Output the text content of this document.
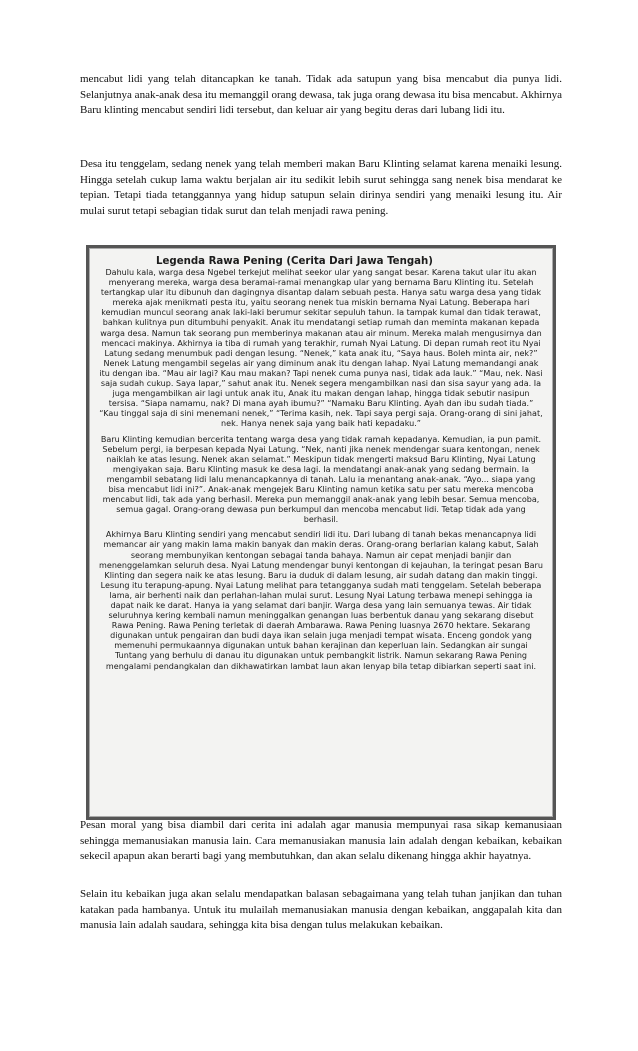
mencabut lidi yang telah ditancapkan ke tanah. Tidak ada satupun yang bisa mencabut dia punya lidi. Selanjutnya anak-anak desa itu memanggil orang dewasa, tak juga orang dewasa itu bisa mencabut. Akhirnya Baru klinting mencabut sendiri lidi tersebut, dan keluar air yang begitu deras dari lubang lidi itu.

Desa itu tenggelam, sedang nenek yang telah memberi makan Baru Klinting selamat karena menaiki lesung. Hingga setelah cukup lama waktu berjalan air itu sedikit lebih surut sehingga sang nenek bisa mendarat ke tepian. Tetapi tiada tetanggannya yang hidup satupun selain dirinya sendiri yang menaiki lesung itu. Air mulai surut tetapi sebagian tidak surut dan telah menjadi rawa pening.

Legenda Rawa Pening (Cerita Dari Jawa Tengah)

Dahulu kala, warga desa Ngebel terkejut melihat seekor ular yang sangat besar. Karena takut ular itu akan menyerang mereka, warga desa beramai-ramai menangkap ular yang bernama Baru Klinting itu. Setelah tertangkap ular itu dibunuh dan dagingnya disantap dalam sebuah pesta. Hanya satu warga desa yang tidak mereka ajak menikmati pesta itu, yaitu seorang nenek tua miskin bernama Nyai Latung. Beberapa hari kemudian muncul seorang anak laki-laki berumur sekitar sepuluh tahun. Ia tampak kumal dan tidak terawat, bahkan kulitnya pun ditumbuhi penyakit. Anak itu mendatangi setiap rumah dan meminta makanan kepada warga desa. Namun tak seorang pun memberinya makanan atau air minum. Mereka malah mengusirnya dan mencaci makinya. Akhirnya ia tiba di rumah yang terakhir, rumah Nyai Latung. Di depan rumah reot itu Nyai Latung sedang menumbuk padi dengan lesung. “Nenek,” kata anak itu, “Saya haus. Boleh minta air, nek?” Nenek Latung mengambil segelas air yang diminum anak itu dengan lahap. Nyai Latung memandangi anak itu dengan iba. “Mau air lagi? Kau mau makan? Tapi nenek cuma punya nasi, tidak ada lauk.” “Mau, nek. Nasi saja sudah cukup. Saya lapar,” sahut anak itu. Nenek segera mengambilkan nasi dan sisa sayur yang ada. Ia juga mengambilkan air lagi untuk anak itu, Anak itu makan dengan lahap, hingga tidak sebutir nasipun tersisa. “Siapa namamu, nak? Di mana ayah ibumu?” “Namaku Baru Klinting. Ayah dan ibu sudah tiada.” “Kau tinggal saja di sini menemani nenek,” “Terima kasih, nek. Tapi saya pergi saja. Orang-orang di sini jahat, nek. Hanya nenek saja yang baik hati kepadaku.”

Baru Klinting kemudian bercerita tentang warga desa yang tidak ramah kepadanya. Kemudian, ia pun pamit. Sebelum pergi, ia berpesan kepada Nyai Latung. “Nek, nanti jika nenek mendengar suara kentongan, nenek naiklah ke atas lesung. Nenek akan selamat.” Meskipun tidak mengerti maksud Baru Klinting, Nyai Latung mengiyakan saja. Baru Klinting masuk ke desa lagi. Ia mendatangi anak-anak yang sedang bermain. Ia mengambil sebatang lidi lalu menancapkannya di tanah. Lalu ia menantang anak-anak. “Ayo... siapa yang bisa mencabut lidi ini?”. Anak-anak mengejek Baru Klinting namun ketika satu per satu mereka mencoba mencabut lidi, tak ada yang berhasil. Mereka pun memanggil anak-anak yang lebih besar. Semua mencoba, semua gagal. Orang-orang dewasa pun berkumpul dan mencoba mencabut lidi. Tetap tidak ada yang berhasil.

Akhirnya Baru Klinting sendiri yang mencabut sendiri lidi itu. Dari lubang di tanah bekas menancapnya lidi memancar air yang makin lama makin banyak dan makin deras. Orang-orang berlarian kalang kabut, Salah seorang membunyikan kentongan sebagai tanda bahaya. Namun air cepat menjadi banjir dan menenggelamkan seluruh desa. Nyai Latung mendengar bunyi kentongan di kejauhan, Ia teringat pesan Baru Klinting dan segera naik ke atas lesung. Baru ia duduk di dalam lesung, air sudah datang dan makin tinggi. Lesung itu terapung-apung. Nyai Latung melihat para tetangganya sudah mati tenggelam. Setelah beberapa lama, air berhenti naik dan perlahan-lahan mulai surut. Lesung Nyai Latung terbawa menepi sehingga ia dapat naik ke darat. Hanya ia yang selamat dari banjir. Warga desa yang lain semuanya tewas. Air tidak seluruhnya kering kembali namun meninggalkan genangan luas berbentuk danau yang sekarang disebut Rawa Pening. Rawa Pening terletak di daerah Ambarawa. Rawa Pening luasnya 2670 hektare. Sekarang digunakan untuk pengairan dan budi daya ikan selain juga menjadi tempat wisata. Enceng gondok yang memenuhi permukaannya digunakan untuk bahan kerajinan dan keperluan lain. Sedangkan air sungai Tuntang yang berhulu di danau itu digunakan untuk pembangkit listrik. Namun sekarang Rawa Pening mengalami pendangkalan dan dikhawatirkan lambat laun akan lenyap bila tetap dibiarkan seperti saat ini.

Pesan moral yang bisa diambil dari cerita ini adalah agar manusia mempunyai rasa sikap kemanusiaan sehingga memanusiakan manusia lain. Cara memanusiakan manusia lain adalah dengan kebaikan, kebaikan sekecil apapun akan berarti bagi yang membutuhkan, dan akan selalu dikenang hingga akhir hayatnya.

Selain itu kebaikan juga akan selalu mendapatkan balasan sebagaimana yang telah tuhan janjikan dan tuhan katakan pada hambanya. Untuk itu mulailah memanusiakan manusia dengan kebaikan, anggapalah kita dan manusia lain adalah saudara, sehingga kita bisa dengan tulus melakukan kebaikan.
